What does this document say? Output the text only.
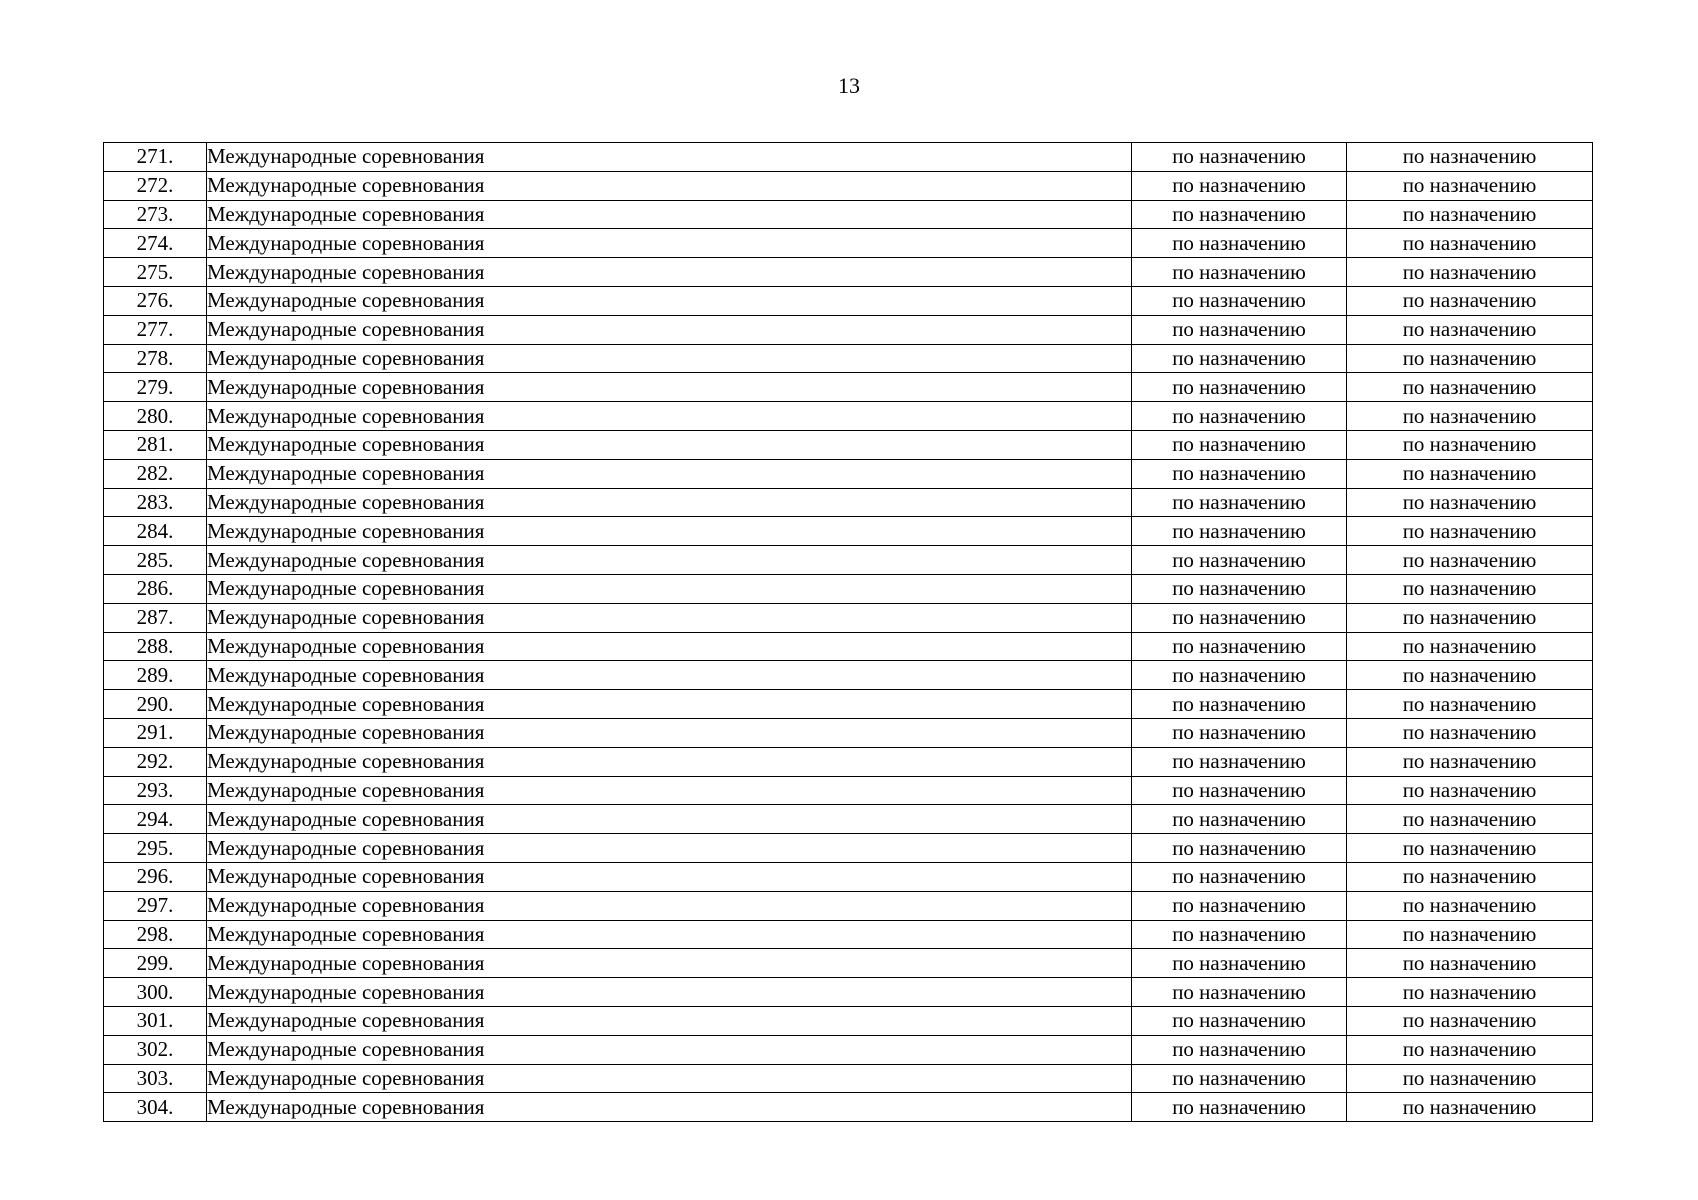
13
271.	Международные соревнования	по назначению	по назначению
272.	Международные соревнования	по назначению	по назначению
273.	Международные соревнования	по назначению	по назначению
274.	Международные соревнования	по назначению	по назначению
275.	Международные соревнования	по назначению	по назначению
276.	Международные соревнования	по назначению	по назначению
277.	Международные соревнования	по назначению	по назначению
278.	Международные соревнования	по назначению	по назначению
279.	Международные соревнования	по назначению	по назначению
280.	Международные соревнования	по назначению	по назначению
281.	Международные соревнования	по назначению	по назначению
282.	Международные соревнования	по назначению	по назначению
283.	Международные соревнования	по назначению	по назначению
284.	Международные соревнования	по назначению	по назначению
285.	Международные соревнования	по назначению	по назначению
286.	Международные соревнования	по назначению	по назначению
287.	Международные соревнования	по назначению	по назначению
288.	Международные соревнования	по назначению	по назначению
289.	Международные соревнования	по назначению	по назначению
290.	Международные соревнования	по назначению	по назначению
291.	Международные соревнования	по назначению	по назначению
292.	Международные соревнования	по назначению	по назначению
293.	Международные соревнования	по назначению	по назначению
294.	Международные соревнования	по назначению	по назначению
295.	Международные соревнования	по назначению	по назначению
296.	Международные соревнования	по назначению	по назначению
297.	Международные соревнования	по назначению	по назначению
298.	Международные соревнования	по назначению	по назначению
299.	Международные соревнования	по назначению	по назначению
300.	Международные соревнования	по назначению	по назначению
301.	Международные соревнования	по назначению	по назначению
302.	Международные соревнования	по назначению	по назначению
303.	Международные соревнования	по назначению	по назначению
304.	Международные соревнования	по назначению	по назначению
